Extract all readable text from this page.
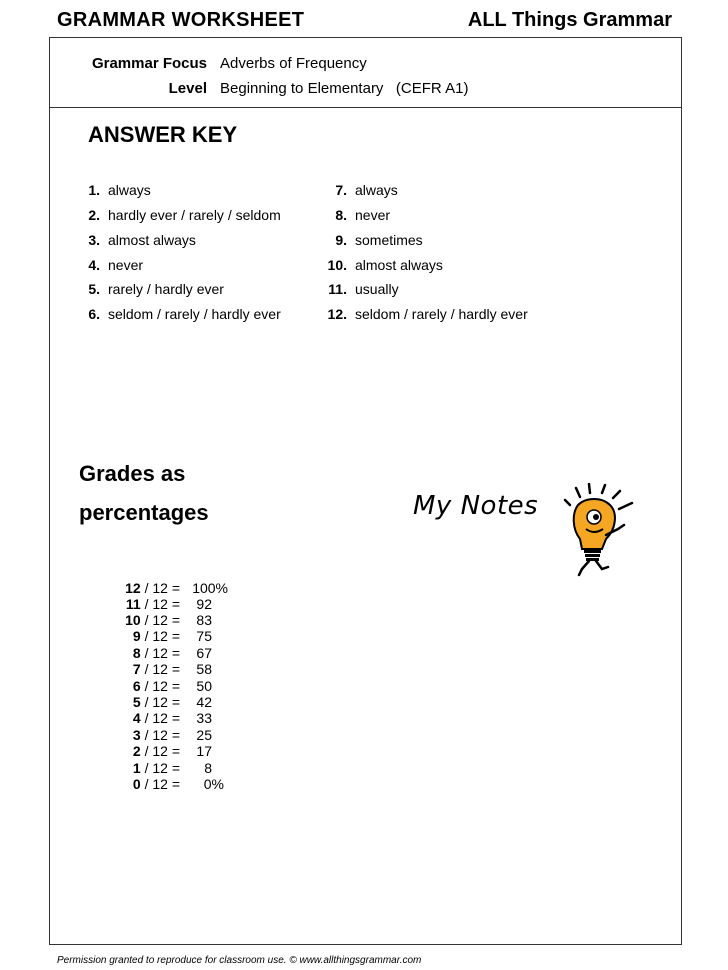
GRAMMAR WORKSHEET	ALL Things Grammar
Grammar Focus Adverbs of Frequency
Level Beginning to Elementary   (CEFR A1)
ANSWER KEY
1. always
2. hardly ever / rarely / seldom
3. almost always
4. never
5. rarely / hardly ever
6. seldom / rarely / hardly ever
7. always
8. never
9. sometimes
10. almost always
11. usually
12. seldom / rarely / hardly ever
Grades as
percentages	My Notes
12 / 12 = 100%
11 / 12 =	92
10 / 12 =	83
9 / 12 =	75
8 / 12 =	67
7 / 12 =	58
6 / 12 =	50
5 / 12 =	42
4 / 12 =	33
3 / 12 =	25
2 / 12 =	17
1 / 12 =	8
0 / 12 =	0%
Permission granted to reproduce for classroom use. © www.allthingsgrammar.com
